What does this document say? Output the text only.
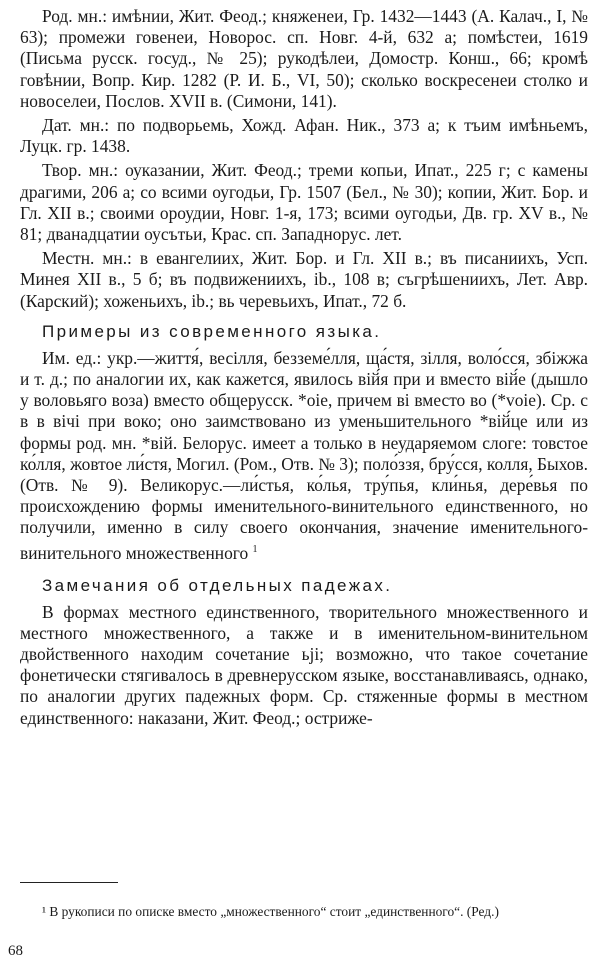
Род. мн.: имѣнии, Жит. Феод.; княженеи, Гр. 1432—1443 (А. Калач., I, № 63); промежи говенеи, Новорос. сп. Новг. 4-й, 632 а; помѣстеи, 1619 (Письма русск. госуд., № 25); рукодѣлеи, Домостр. Конш., 66; кромѣ говѣнии, Вопр. Кир. 1282 (Р. И. Б., VI, 50); сколько воскресенеи столко и новоселеи, Послов. XVII в. (Симони, 141).

Дат. мн.: по подворьемь, Хожд. Афан. Ник., 373 а; к тъим имѣньемъ, Луцк. гр. 1438.

Твор. мн.: оуказании, Жит. Феод.; треми копьи, Ипат., 225 г; с камены драгими, 206 а; со всими оугодьи, Гр. 1507 (Бел., № 30); копии, Жит. Бор. и Гл. XII в.; своими ороудии, Новг. 1-я, 173; всими оугодьи, Дв. гр. XV в., № 81; дванадцатии оусътьи, Крас. сп. Западнорус. лет.

Местн. мн.: в евангелиих, Жит. Бор. и Гл. XII в.; въ писаниихъ, Усп. Минея XII в., 5 б; въ подвижениихъ, ib., 108 в; съгрѣшениихъ, Лет. Авр. (Карский); хоженьихъ, ib.; вь черевьихъ, Ипат., 72 б.

Примеры из современного языка.

Им. ед.: укр.—життя́, весілля, безземе́лля, ща́стя, зілля, воло́сся, збіжжа и т. д.; по аналогии их, как кажется, явилось вій́я при и вместо вій́е (дышло у воловьяго воза) вместо общерусск. *оіе, причем ві вместо во (*voie). Ср. с в в вічі при воко; оно заимствовано из уменьшительного *вій́це или из формы род. мн. *вій. Белорус. имеет а только в неударяемом слоге: товстое ко́лля, жовтое ли́стя, Могил. (Ром., Отв. № 3); поло́ззя, бру́сся, колля, Быхов. (Отв. № 9). Великорус.—ли́стья, ко́лья, тру́пья, кли́нья, дере́вья по происхождению формы именительного-винительного единственного, но получили, именно в силу своего окончания, значение именительного-винительного множественного $^1$

Замечания об отдельных падежах.

В формах местного единственного, творительного множественного и местного множественного, а также и в именительном-винительном двойственного находим сочетание ьјі; возможно, что такое сочетание фонетически стягивалось в древнерусском языке, восстанавливаясь, однако, по аналогии других падежных форм. Ср. стяженные формы в местном единственного: наказани, Жит. Феод.; остриже-

¹ В рукописи по описке вместо „множественного“ стоит „единственного“. (Ред.)

68
